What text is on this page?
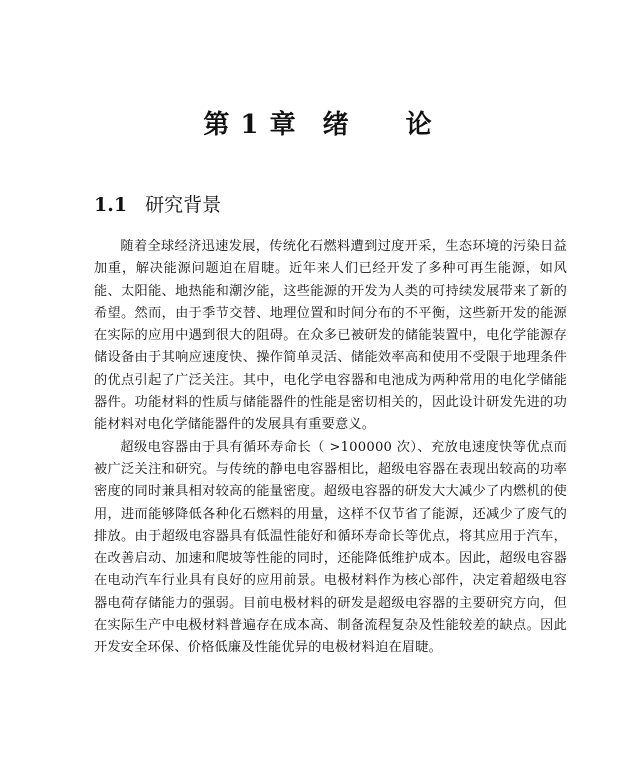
第 1 章 绪 论
1.1 研究背景

随着全球经济迅速发展，传统化石燃料遭到过度开采，生态环境的污染日益加重，解决能源问题迫在眉睫。近年来人们已经开发了多种可再生能源，如风能、太阳能、地热能和潮汐能，这些能源的开发为人类的可持续发展带来了新的希望。然而，由于季节交替、地理位置和时间分布的不平衡，这些新开发的能源在实际的应用中遇到很大的阻碍。在众多已被研发的储能装置中，电化学能源存储设备由于其响应速度快、操作简单灵活、储能效率高和使用不受限于地理条件的优点引起了广泛关注。其中，电化学电容器和电池成为两种常用的电化学储能器件。功能材料的性质与储能器件的性能是密切相关的，因此设计研发先进的功能材料对电化学储能器件的发展具有重要意义。

超级电容器由于具有循环寿命长（ >100000 次）、充放电速度快等优点而被广泛关注和研究。与传统的静电电容器相比，超级电容器在表现出较高的功率密度的同时兼具相对较高的能量密度。超级电容器的研发大大减少了内燃机的使用，进而能够降低各种化石燃料的用量，这样不仅节省了能源，还减少了废气的排放。由于超级电容器具有低温性能好和循环寿命长等优点，将其应用于汽车，在改善启动、加速和爬坡等性能的同时，还能降低维护成本。因此，超级电容器在电动汽车行业具有良好的应用前景。电极材料作为核心部件，决定着超级电容器电荷存储能力的强弱。目前电极材料的研发是超级电容器的主要研究方向，但在实际生产中电极材料普遍存在成本高、制备流程复杂及性能较差的缺点。因此开发安全环保、价格低廉及性能优异的电极材料迫在眉睫。
